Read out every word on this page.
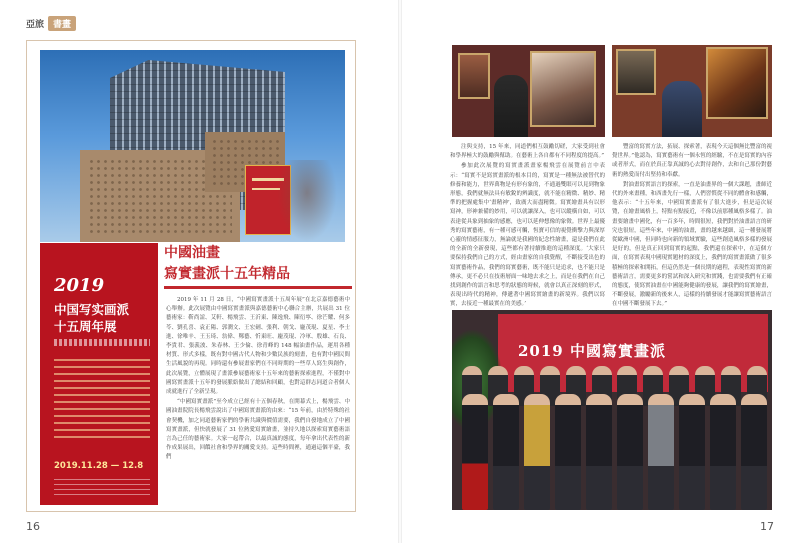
亞旅	書畫
2019
中国写实画派
十五周年展
2019.11.28 — 12.8
中國油畫
寫實畫派十五年精品

2019 年 11 月 28 日，“中國寫實畫派十五周年展”在北京嘉德藝術中心舉辦。此次展覽由中國寫實畫派與嘉德藝術中心聯合主辦，共展出 31 位藝術家：靳尚誼、艾軒、楊飛雲、王沂東、陳逸飛、陳衍寧、徐芒耀、何多苓、劉孔喜、袁正陽、郭潤文、王宏劍、張利、朝戈、龐茂琨、夏星、李士進、徐唯辛、王玉琦、翁偉、鄭藝、忻東旺、龐茂琨、冷軍、殷雄、石良、李貴君、張義波、朱春林、王少倫、徐青峰的 148 幅油畫作品，運用各種材質、形式多樣，既有對中國古代人物和少數民族的刻畫，也有對中國民間生活風貌的再現。同時還有參展畫家們在不同時期的一些草人寫生與創作，此次展覽，立體展現了畫派參展藝術家十五年來的藝術探索進程，不僅對中國寫實畫派十五年的發展脈絡做出了總結和回顧，也對這群志同道合者個人成就進行了全新呈現。

“中國寫實畫派”至今成立已經有十五個春秋，在開幕式上，楊飛雲、中國油畫院院長楊飛雲說出了中國寫實畫派的由來：“15 年前，由於特殊的社會契機，加之同道藝術家們的學術共識與價值需要，我們自發地成立了中國寫實畫派，但快就發展了 31 位熱愛寫實繪畫，並持久地以探索寫實藝術語言為己任的藝術家。大家一起帶合，以最真誠的態度，每年拿出代表性的新作成果展出，回饋社會和學界的關愛支持。這些時間裡，通過這個平臺，我們

16

注與支持，15 年來，同道們相互鼓勵切磋，大家受到社會和學界極大的鼓勵與幫助。在藝術上各自都有不同程度的提高。”

參加此次展覽的寫實畫派畫家楊飛雲在展覽前言中表示：“寫實不是寫實畫派的根本目的，寫實是一種無法被替代的修養和能力，世界萬物是有形有象的，不通過雙眼可以見到物象形態，我們就無法具有敏銳的辨識度，就不能在精微、精妙、精準的把握處集中‘畫精神’，致廣大而盡精微。寫實繪畫具有以形寫神，形神兼備的妙用，可以就讓深入，也可以縱橫自如，可以表達從具象到抽象的感應，也可以延伸想像的象徵。世界上最優秀的寫實藝術，有一種可感可觸，恆寶可信的視覺衝擊力與深厚心靈的情感征服力，無論就是我國的紀念性繪畫，還是我們在此的全新的全新發現，這些都有著持續推進的這種深度。‘大家只要保持我們自己的方式，經由畫家的自我覺醒，不斷接受出色的寫實藝術作品，我們的寫實藝術，既不能只是追求，也不能只是傳承，更不必只在技術層面一味地去求之上，而是在我們在自己找到創作的語言和思考的狀態的時候，就會以真正深刻的形式，表現出時代的精神，傳遞著中國寫實繪畫的新境界。我們以寫實，去接近一種最實在的美感。’

豐富的寫實方法，拓展、探索著，表現今天這個無比豐富的視覺世界。”他認為，寫實藝術有一個永恆的經驗，不在是寫實的內容或者形式，而在於真正靠真誠的心去對待創作，去和自己那份對藝術的熱愛而付出堅持和奉獻。

對油畫寫實語言的探索，一直是油畫界的一個大課題，畫師近代的外來畫種，和西畫先行一樣，人們習慣從不同的體會和感觸，他表示：“十五年來，中國寫實畫派有了很大進步，但是這次展覽，在繪畫風格上，特點有點接近，不像以前那種風格多樣了。油畫要繪畫中國化，有一百多年，時間很短，我們對於油畫語言的研究也很短，這些年來，中國的油畫，畫的越來越細，這一種發展將從歐洲中國，但同時也向新的領域實驗，這些創造風格多樣的發展是好的，但是真正回到寫實的起點，我們還在探索中，在這個方面，在寫實表現中國現實題材的深度上，我們的寫實畫派做了很多積極的探索和開拓，但這仍然是一個長期的過程，表現性寫實的新藝術語言，需要更多的嘗試和深入研究和實踐，也需要我們有正確的態度，使寫實油畫在中國能夠健康的發展，讓我們的寫實繪畫，不斷發展，激勵新的後來人，這樣的持續發展才能讓寫實藝術語言在中國不斷發展下去。”

2019 中國寫實畫派
17
